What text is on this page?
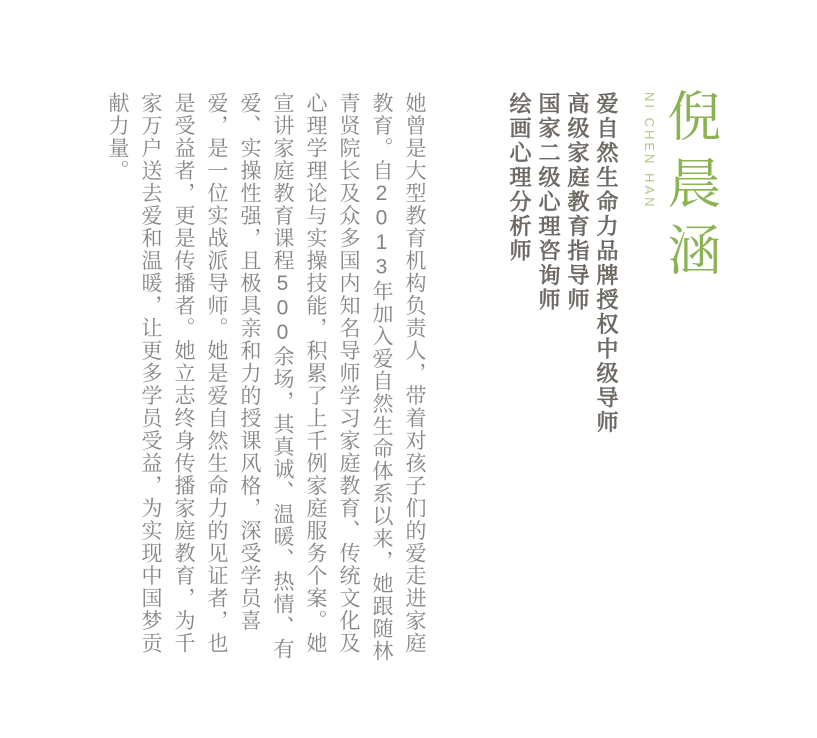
倪晨涵
NI CHEN HAN
爱自然生命力品牌授权中级导师
高级家庭教育指导师
国家二级心理咨询师
绘画心理分析师
她曾是大型教育机构负责人，带着对孩子们的爱走进家庭
教育。自2013年加入爱自然生命体系以来，她跟随林
青贤院长及众多国内知名导师学习家庭教育、传统文化及
心理学理论与实操技能，积累了上千例家庭服务个案。她
宣讲家庭教育课程500余场，其真诚、温暖、热情、有
爱、实操性强，且极具亲和力的授课风格，深受学员喜
爱，是一位实战派导师。她是爱自然生命力的见证者，也
是受益者，更是传播者。她立志终身传播家庭教育，为千
家万户送去爱和温暖，让更多学员受益，为实现中国梦贡
献力量。
